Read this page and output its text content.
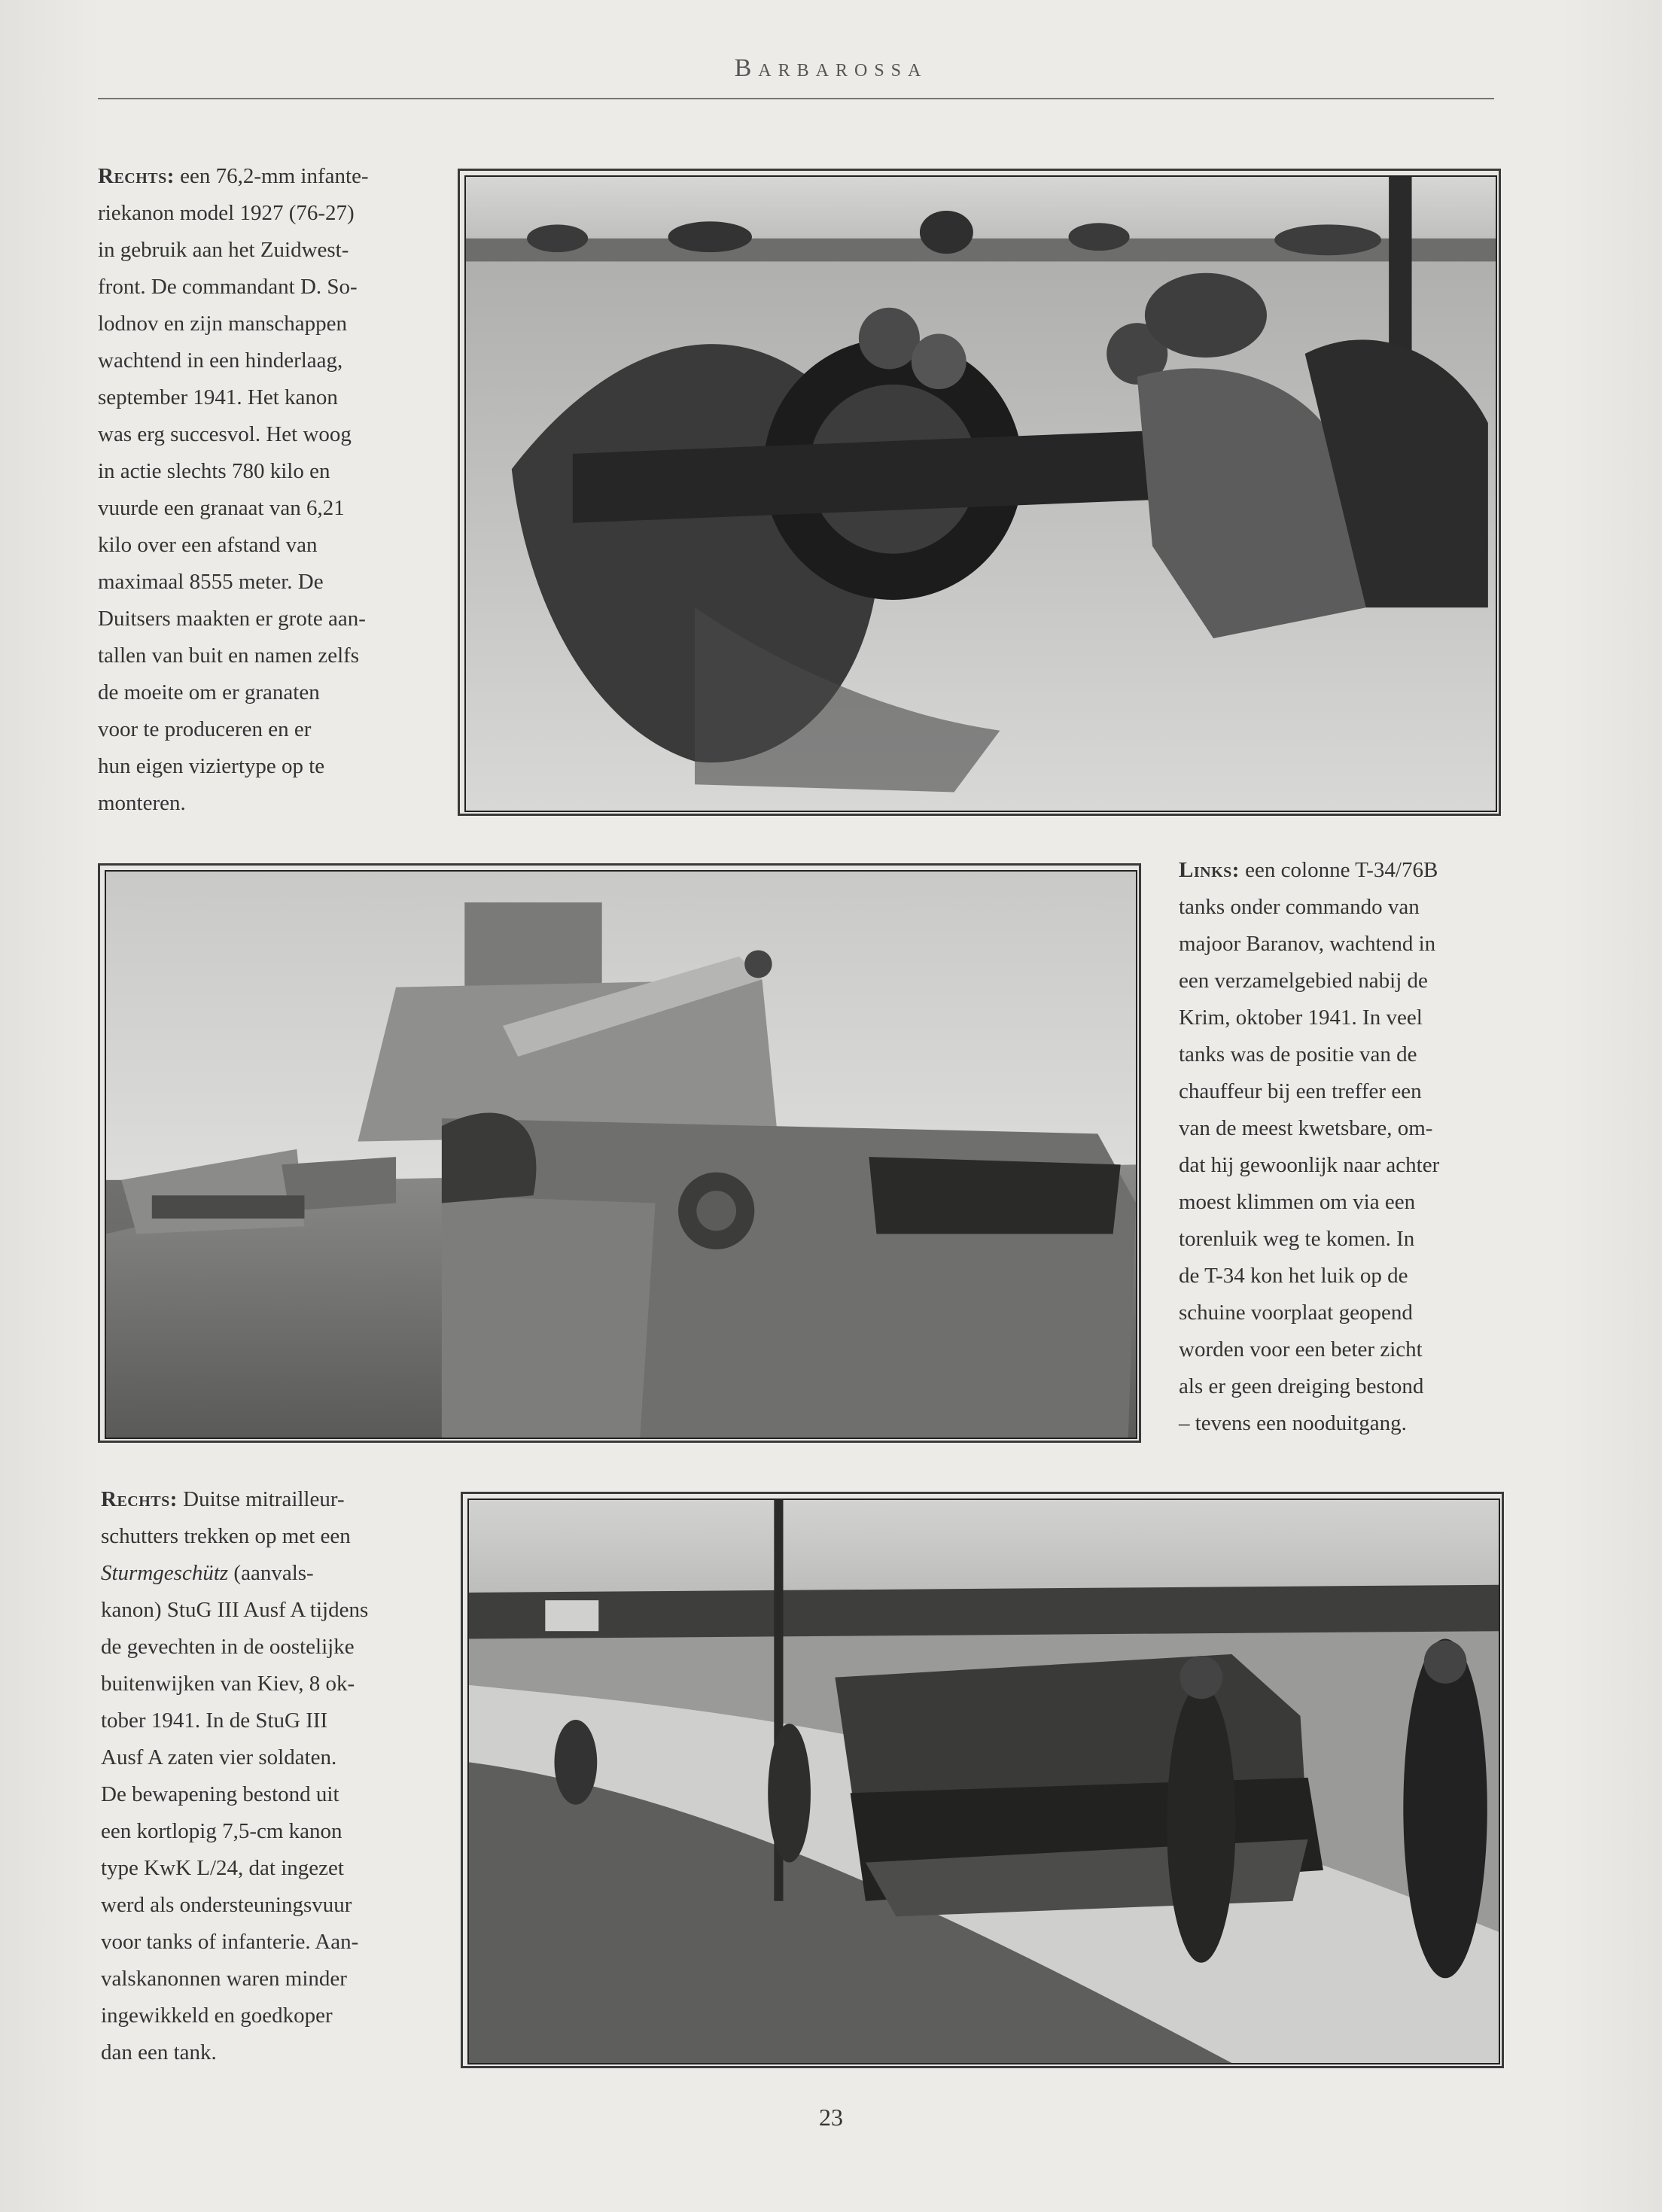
Barbarossa
Rechts: een 76,2-mm infante-
riekanon model 1927 (76-27)
in gebruik aan het Zuidwest-
front. De commandant D. So-
lodnov en zijn manschappen
wachtend in een hinderlaag,
september 1941. Het kanon
was erg succesvol. Het woog
in actie slechts 780 kilo en
vuurde een granaat van 6,21
kilo over een afstand van
maximaal 8555 meter. De
Duitsers maakten er grote aan-
tallen van buit en namen zelfs
de moeite om er granaten
voor te produceren en er
hun eigen viziertype op te
monteren.
Links: een colonne T-34/76B
tanks onder commando van
majoor Baranov, wachtend in
een verzamelgebied nabij de
Krim, oktober 1941. In veel
tanks was de positie van de
chauffeur bij een treffer een
van de meest kwetsbare, om-
dat hij gewoonlijk naar achter
moest klimmen om via een
torenluik weg te komen. In
de T-34 kon het luik op de
schuine voorplaat geopend
worden voor een beter zicht
als er geen dreiging bestond
– tevens een nooduitgang.
Rechts: Duitse mitrailleur-
schutters trekken op met een
Sturmgeschütz (aanvals-
kanon) StuG III Ausf A tijdens
de gevechten in de oostelijke
buitenwijken van Kiev, 8 ok-
tober 1941. In de StuG III
Ausf A zaten vier soldaten.
De bewapening bestond uit
een kortlopig 7,5-cm kanon
type KwK L/24, dat ingezet
werd als ondersteuningsvuur
voor tanks of infanterie. Aan-
valskanonnen waren minder
ingewikkeld en goedkoper
dan een tank.
23
